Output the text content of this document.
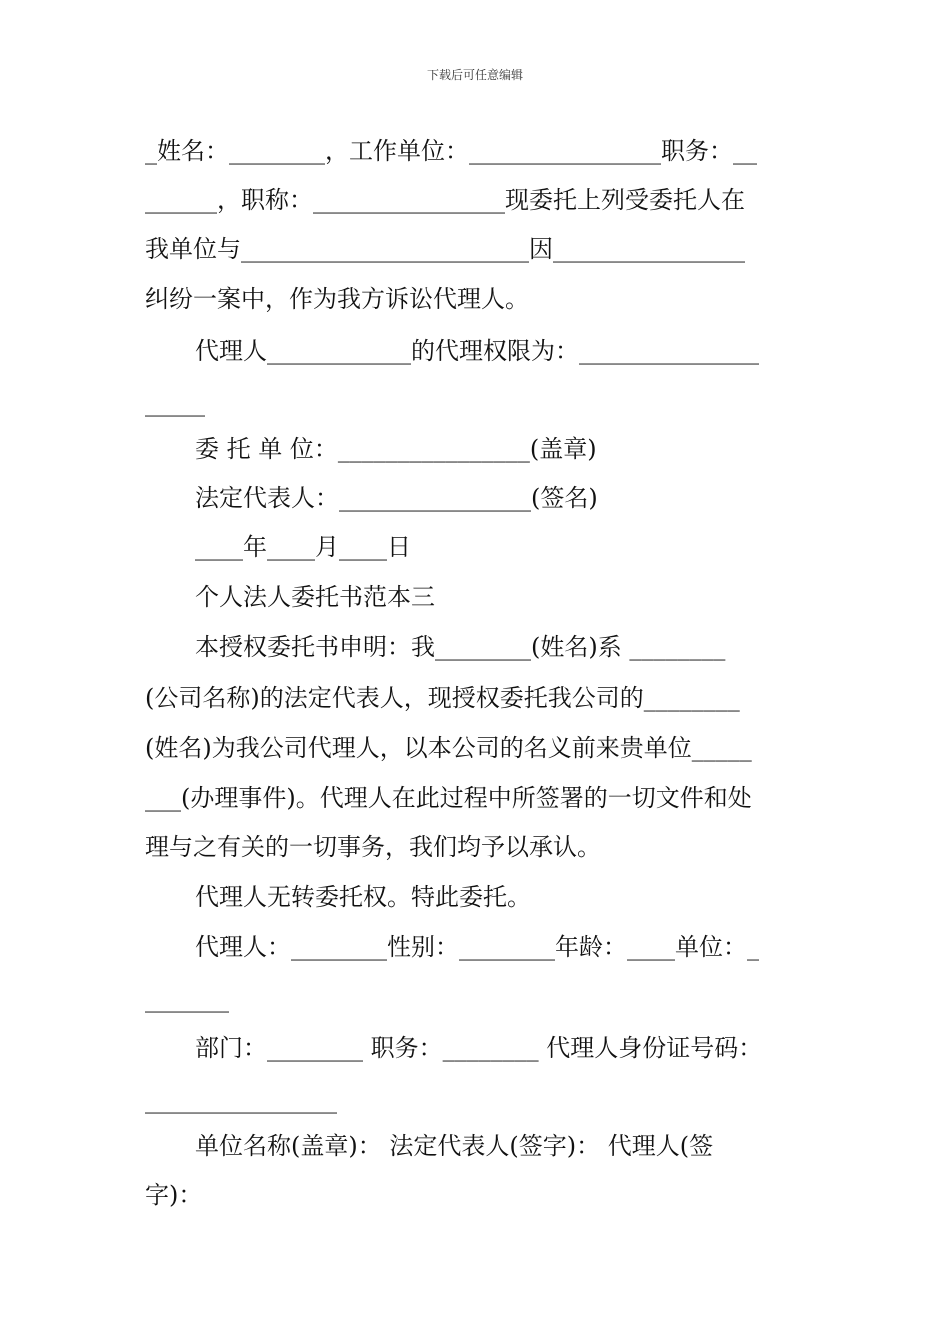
下载后可任意编辑
_姓名：________，工作单位：________________职务：__
______，职称：________________现委托上列受委托人在
我单位与________________________因________________
纠纷一案中，作为我方诉讼代理人。
代理人____________的代理权限为：_______________
_____
委 托 单 位：________________(盖章)
法定代表人：________________(签名)
____年____月____日
个人法人委托书范本三
本授权委托书申明：我________(姓名)系 ________
(公司名称)的法定代表人，现授权委托我公司的________
(姓名)为我公司代理人，以本公司的名义前来贵单位_____
___(办理事件)。代理人在此过程中所签署的一切文件和处
理与之有关的一切事务，我们均予以承认。
代理人无转委托权。特此委托。
代理人：________性别：________年龄：____单位：_
_______
部门：________ 职务：________ 代理人身份证号码：
________________
单位名称(盖章)： 法定代表人(签字)： 代理人(签
字)：
